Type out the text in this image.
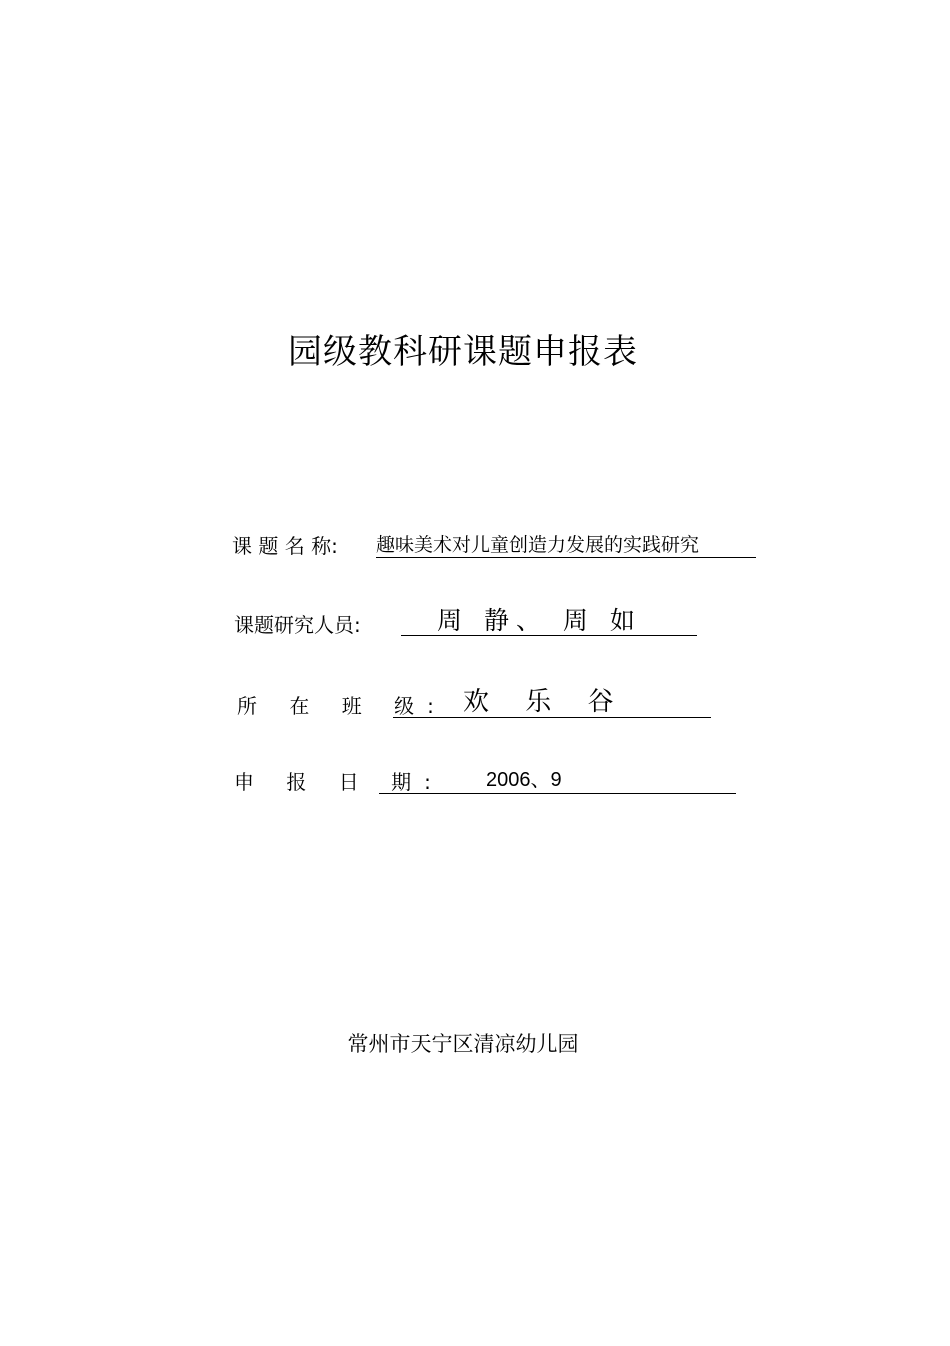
园级教科研课题申报表
课 题 名 称: 趣味美术对儿童创造力发展的实践研究
课题研究人员:	周 静、 周 如
所 在 班 级: 欢 乐 谷
申 报 日 期: 2006、9
常州市天宁区清凉幼儿园
